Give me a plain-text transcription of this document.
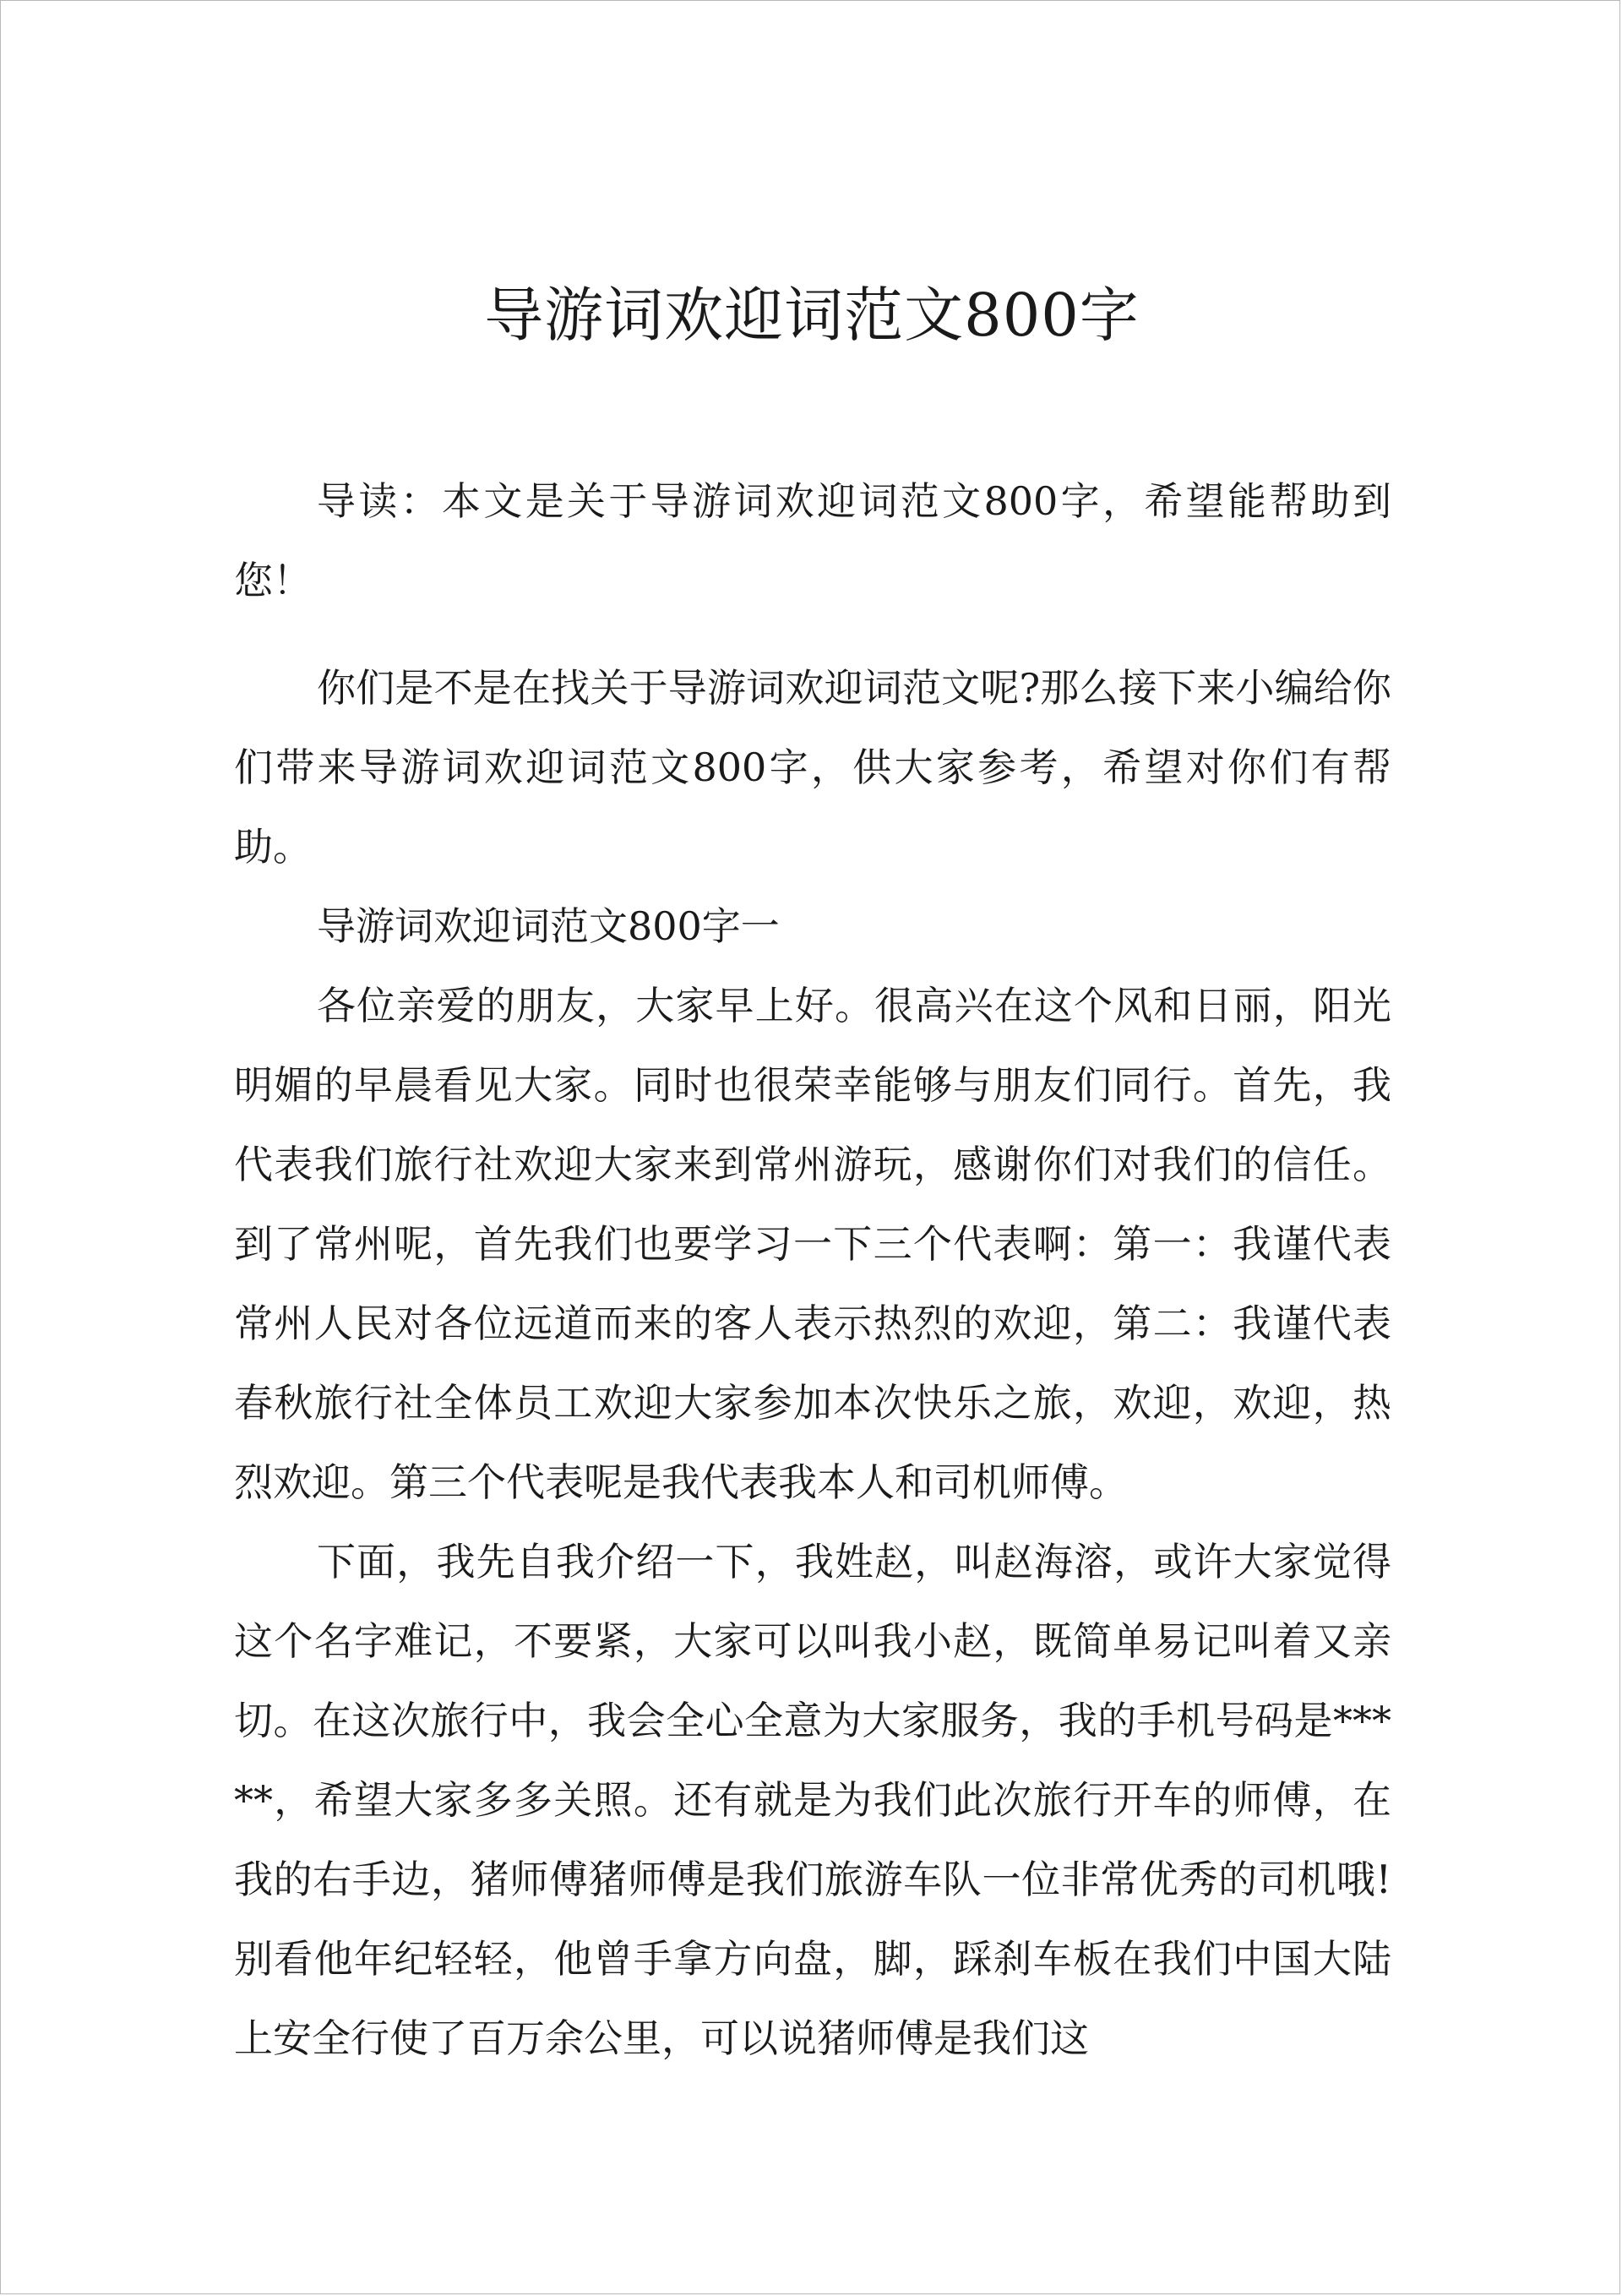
导游词欢迎词范文800字

导读：本文是关于导游词欢迎词范文800字，希望能帮助到您！

你们是不是在找关于导游词欢迎词范文呢?那么接下来小编给你们带来导游词欢迎词范文800字，供大家参考，希望对你们有帮助。

导游词欢迎词范文800字一

各位亲爱的朋友，大家早上好。很高兴在这个风和日丽，阳光明媚的早晨看见大家。同时也很荣幸能够与朋友们同行。首先，我代表我们旅行社欢迎大家来到常州游玩，感谢你们对我们的信任。到了常州呢，首先我们也要学习一下三个代表啊：第一：我谨代表常州人民对各位远道而来的客人表示热烈的欢迎，第二：我谨代表春秋旅行社全体员工欢迎大家参加本次快乐之旅，欢迎，欢迎，热烈欢迎。第三个代表呢是我代表我本人和司机师傅。

下面，我先自我介绍一下，我姓赵，叫赵海溶，或许大家觉得这个名字难记，不要紧，大家可以叫我小赵，既简单易记叫着又亲切。在这次旅行中，我会全心全意为大家服务，我的手机号码是*****，希望大家多多关照。还有就是为我们此次旅行开车的师傅，在我的右手边，猪师傅猪师傅是我们旅游车队一位非常优秀的司机哦!别看他年纪轻轻，他曾手拿方向盘，脚，踩刹车板在我们中国大陆上安全行使了百万余公里，可以说猪师傅是我们这
